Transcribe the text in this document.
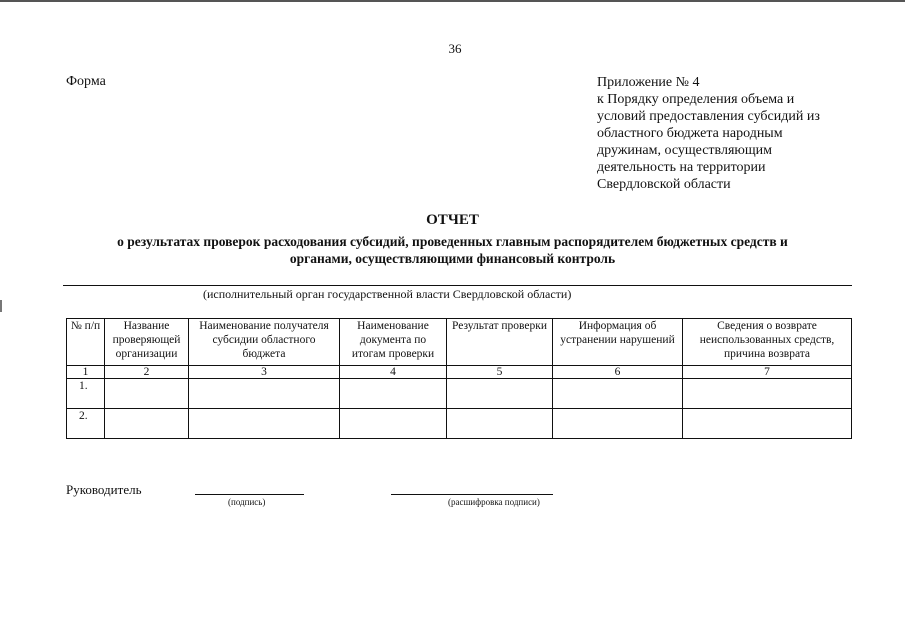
36
Форма	Приложение № 4
к Порядку определения объема и
условий предоставления субсидий из
областного бюджета народным
дружинам, осуществляющим
деятельность на территории
Свердловской области
ОТЧЕТ
о результатах проверок расходования субсидий, проведенных главным распорядителем бюджетных средств и
органами, осуществляющими финансовый контроль
(исполнительный орган государственной власти Свердловской области)
№ п/п	Название проверяющей организации	Наименование получателя субсидии областного бюджета	Наименование документа по итогам проверки	Результат проверки	Информация об устранении нарушений	Сведения о возврате неиспользованных средств, причина возврата
1	2	3	4	5	6	7
1.						
2.						
Руководитель
(подпись)	(расшифровка подписи)
